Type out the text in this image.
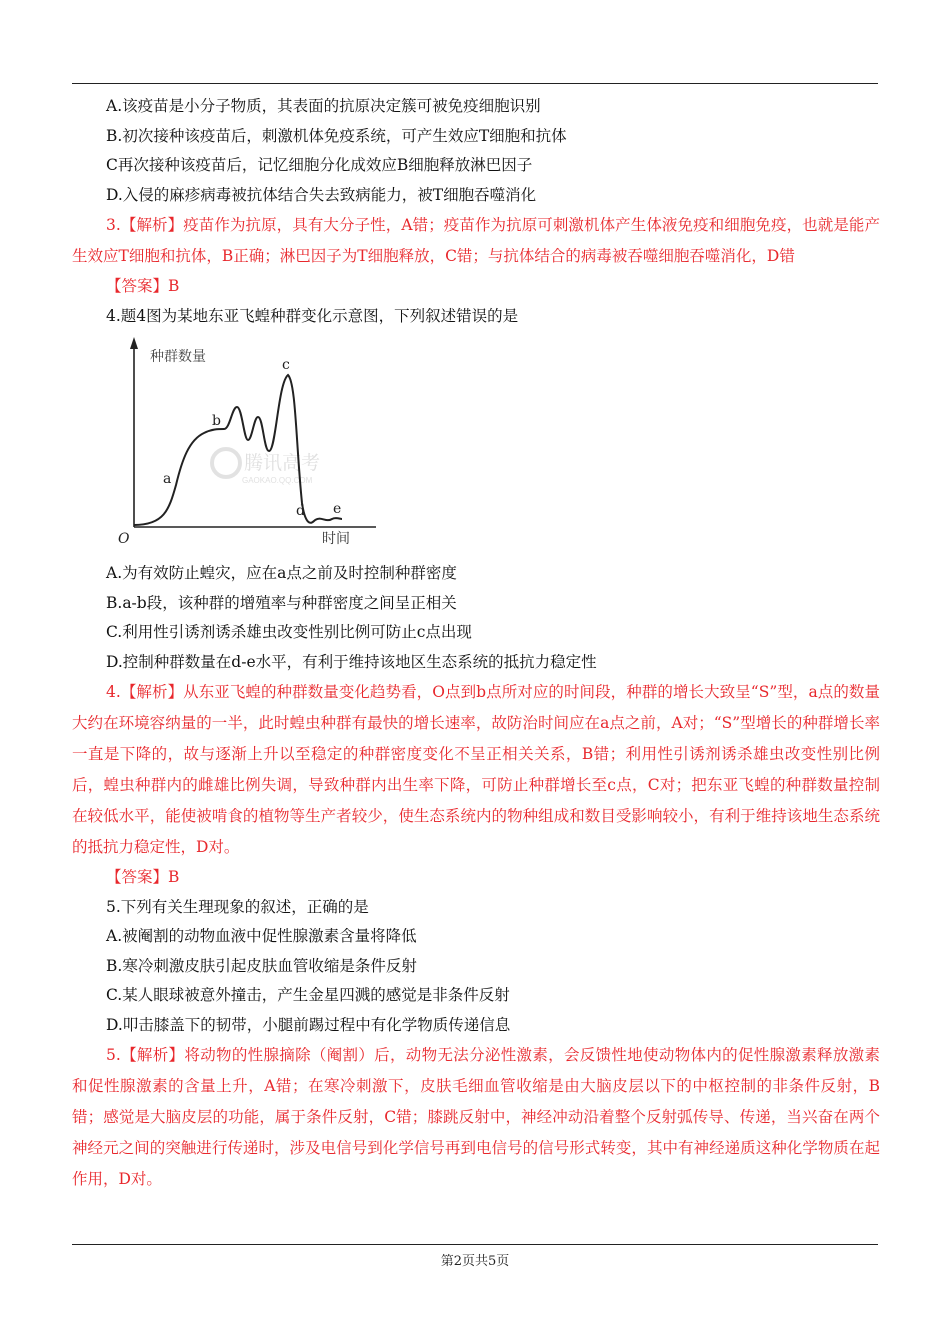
A.该疫苗是小分子物质，其表面的抗原决定簇可被免疫细胞识别
B.初次接种该疫苗后，刺激机体免疫系统，可产生效应T细胞和抗体
C再次接种该疫苗后，记忆细胞分化成效应B细胞释放淋巴因子
D.入侵的麻疹病毒被抗体结合失去致病能力，被T细胞吞噬消化
3.【解析】疫苗作为抗原，具有大分子性，A错；疫苗作为抗原可刺激机体产生体液免疫和细胞免疫，也就是能产生效应T细胞和抗体，B正确；淋巴因子为T细胞释放，C错；与抗体结合的病毒被吞噬细胞吞噬消化，D错
【答案】B
4.题4图为某地东亚飞蝗种群变化示意图，下列叙述错误的是
腾讯高考
GAOKAO.QQ.COM
种群数量
时间
O
a
b
c
d e
A.为有效防止蝗灾，应在a点之前及时控制种群密度
B.a-b段，该种群的增殖率与种群密度之间呈正相关
C.利用性引诱剂诱杀雄虫改变性别比例可防止c点出现
D.控制种群数量在d-e水平，有利于维持该地区生态系统的抵抗力稳定性
4.【解析】从东亚飞蝗的种群数量变化趋势看，O点到b点所对应的时间段，种群的增长大致呈“S”型，a点的数量大约在环境容纳量的一半，此时蝗虫种群有最快的增长速率，故防治时间应在a点之前，A对；“S”型增长的种群增长率一直是下降的，故与逐渐上升以至稳定的种群密度变化不呈正相关关系，B错；利用性引诱剂诱杀雄虫改变性别比例后，蝗虫种群内的雌雄比例失调，导致种群内出生率下降，可防止种群增长至c点，C对；把东亚飞蝗的种群数量控制在较低水平，能使被啃食的植物等生产者较少，使生态系统内的物种组成和数目受影响较小，有利于维持该地生态系统的抵抗力稳定性，D对。
【答案】B
5.下列有关生理现象的叙述，正确的是
A.被阉割的动物血液中促性腺激素含量将降低
B.寒冷刺激皮肤引起皮肤血管收缩是条件反射
C.某人眼球被意外撞击，产生金星四溅的感觉是非条件反射
D.叩击膝盖下的韧带，小腿前踢过程中有化学物质传递信息
5.【解析】将动物的性腺摘除（阉割）后，动物无法分泌性激素，会反馈性地使动物体内的促性腺激素释放激素和促性腺激素的含量上升，A错；在寒冷刺激下，皮肤毛细血管收缩是由大脑皮层以下的中枢控制的非条件反射，B错；感觉是大脑皮层的功能，属于条件反射，C错；膝跳反射中，神经冲动沿着整个反射弧传导、传递，当兴奋在两个神经元之间的突触进行传递时，涉及电信号到化学信号再到电信号的信号形式转变，其中有神经递质这种化学物质在起作用，D对。
第2页共5页
